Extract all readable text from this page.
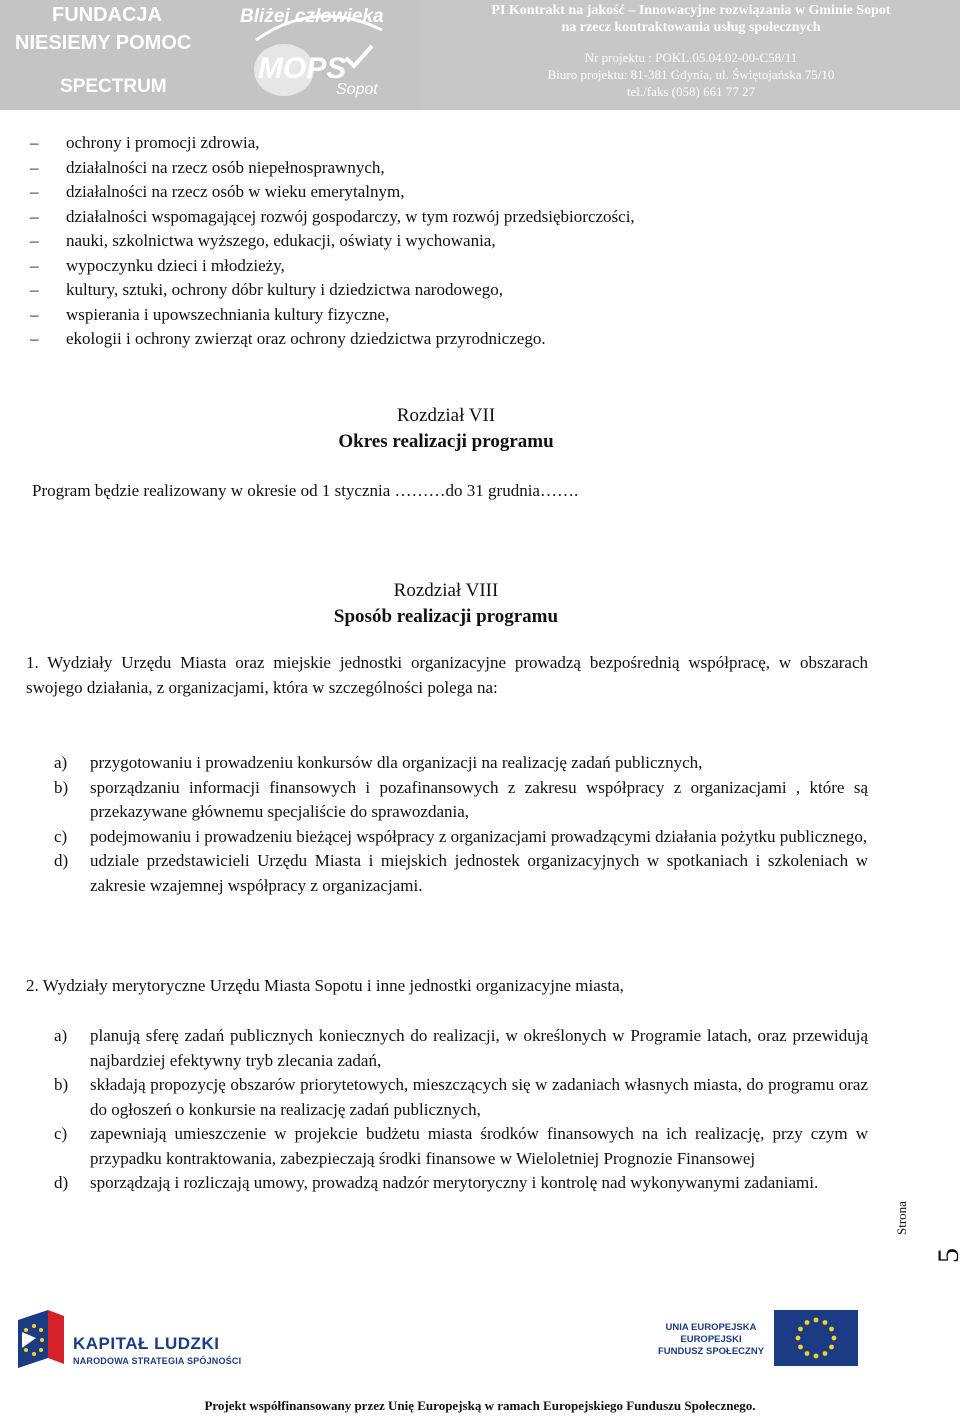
FUNDACJA
NIESIEMY POMOC
SPECTRUM
Bliżej człowieka
MOPS
Sopot
PI Kontrakt na jakość – Innowacyjne rozwiązania w Gminie Sopot
na rzecz kontraktowania usług społecznych
Nr projektu : POKL.05.04.02-00-C58/11
Biuro projektu: 81-381 Gdynia, ul. Świętojańska 75/10
tel./faks (058) 661 77 27
– ochrony i promocji zdrowia,
– działalności na rzecz osób niepełnosprawnych,
– działalności na rzecz osób w wieku emerytalnym,
– działalności wspomagającej rozwój gospodarczy, w tym rozwój przedsiębiorczości,
– nauki, szkolnictwa wyższego, edukacji, oświaty i wychowania,
– wypoczynku dzieci i młodzieży,
– kultury, sztuki, ochrony dóbr kultury i dziedzictwa narodowego,
– wspierania i upowszechniania kultury fizyczne,
– ekologii i ochrony zwierząt oraz ochrony dziedzictwa przyrodniczego.
Rozdział VII
Okres realizacji programu
Program będzie realizowany w okresie od 1 stycznia ………do 31 grudnia…….
Rozdział VIII
Sposób realizacji programu
1. Wydziały Urzędu Miasta oraz miejskie jednostki organizacyjne prowadzą bezpośrednią współpracę, w obszarach swojego działania, z organizacjami, która w szczególności polega na:
a) przygotowaniu i prowadzeniu konkursów dla organizacji na realizację zadań publicznych,
b) sporządzaniu informacji finansowych i pozafinansowych z zakresu współpracy z organizacjami , które są przekazywane głównemu specjaliście do sprawozdania,
c) podejmowaniu i prowadzeniu bieżącej współpracy z organizacjami prowadzącymi działania pożytku publicznego,
d) udziale przedstawicieli Urzędu Miasta i miejskich jednostek organizacyjnych w spotkaniach i szkoleniach w zakresie wzajemnej współpracy z organizacjami.
2. Wydziały merytoryczne Urzędu Miasta Sopotu i inne jednostki organizacyjne miasta,
a) planują sferę zadań publicznych koniecznych do realizacji, w określonych w Programie latach, oraz przewidują najbardziej efektywny tryb zlecania zadań,
b) składają propozycję obszarów priorytetowych, mieszczących się w zadaniach własnych miasta, do programu oraz do ogłoszeń o konkursie na realizację zadań publicznych,
c) zapewniają umieszczenie w projekcie budżetu miasta środków finansowych na ich realizację, przy czym w przypadku kontraktowania, zabezpieczają środki finansowe w Wieloletniej Prognozie Finansowej
d) sporządzają i rozliczają umowy, prowadzą nadzór merytoryczny i kontrolę nad wykonywanymi zadaniami.
Strona
5
KAPITAŁ LUDZKI
NARODOWA STRATEGIA SPÓJNOŚCI
UNIA EUROPEJSKA
EUROPEJSKI
FUNDUSZ SPOŁECZNY
Projekt współfinansowany przez Unię Europejską w ramach Europejskiego Funduszu Społecznego.
